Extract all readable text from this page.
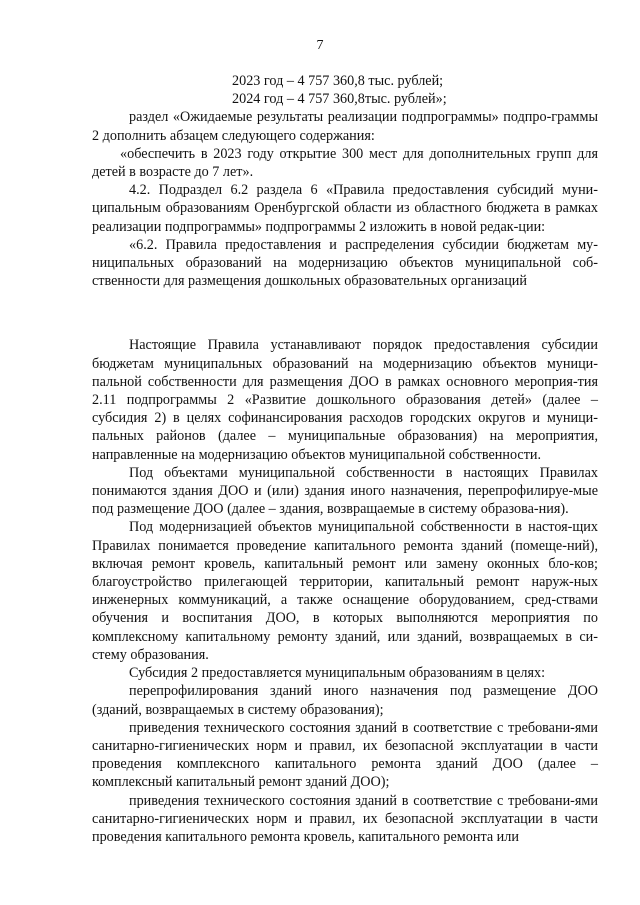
7

2023 год – 4 757 360,8 тыс. рублей;

2024 год – 4 757 360,8тыс. рублей»;

раздел «Ожидаемые результаты реализации подпрограммы» подпро-граммы 2 дополнить абзацем следующего содержания:

«обеспечить в 2023 году открытие 300 мест для дополнительных групп для детей в возрасте до 7 лет».

4.2. Подраздел 6.2 раздела 6 «Правила предоставления субсидий муни-ципальным образованиям Оренбургской области из областного бюджета в рамках реализации подпрограммы» подпрограммы 2 изложить в новой редак-ции:

«6.2. Правила предоставления и распределения субсидии бюджетам му-ниципальных образований на модернизацию объектов муниципальной соб-ственности для размещения дошкольных образовательных организаций

Настоящие Правила устанавливают порядок предоставления субсидии бюджетам муниципальных образований на модернизацию объектов муници-пальной собственности для размещения ДОО в рамках основного мероприя-тия 2.11 подпрограммы 2 «Развитие дошкольного образования детей» (далее – субсидия 2) в целях софинансирования расходов городских округов и муници-пальных районов (далее – муниципальные образования) на мероприятия, направленные на модернизацию объектов муниципальной собственности.

Под объектами муниципальной собственности в настоящих Правилах понимаются здания ДОО и (или) здания иного назначения, перепрофилируе-мые под размещение ДОО (далее – здания, возвращаемые в систему образова-ния).

Под модернизацией объектов муниципальной собственности в настоя-щих Правилах понимается проведение капитального ремонта зданий (помеще-ний), включая ремонт кровель, капитальный ремонт или замену оконных бло-ков; благоустройство прилегающей территории, капитальный ремонт наруж-ных инженерных коммуникаций, а также оснащение оборудованием, сред-ствами обучения и воспитания ДОО, в которых выполняются мероприятия по комплексному капитальному ремонту зданий, или зданий, возвращаемых в си-стему образования.

Субсидия 2 предоставляется муниципальным образованиям в целях:

перепрофилирования зданий иного назначения под размещение ДОО (зданий, возвращаемых в систему образования);

приведения технического состояния зданий в соответствие с требовани-ями санитарно-гигиенических норм и правил, их безопасной эксплуатации в части проведения комплексного капитального ремонта зданий ДОО (далее – комплексный капитальный ремонт зданий ДОО);

приведения технического состояния зданий в соответствие с требовани-ями санитарно-гигиенических норм и правил, их безопасной эксплуатации в части проведения капитального ремонта кровель, капитального ремонта или
